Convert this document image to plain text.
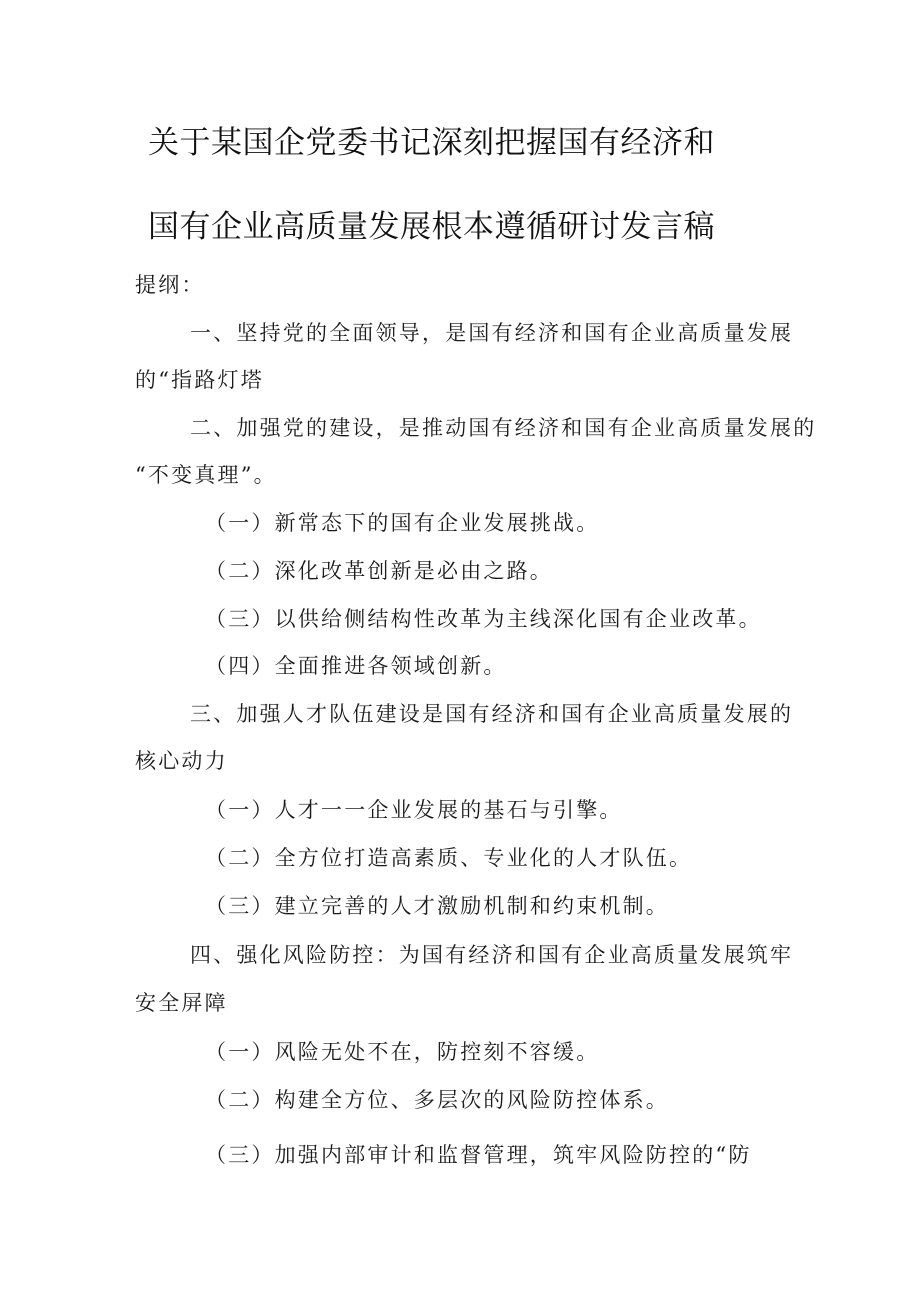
关于某国企党委书记深刻把握国有经济和
国有企业高质量发展根本遵循研讨发言稿
提纲：
一、坚持党的全面领导，是国有经济和国有企业高质量发展
的“指路灯塔
二、加强党的建设，是推动国有经济和国有企业高质量发展的
“不变真理”。
（一）新常态下的国有企业发展挑战。
（二）深化改革创新是必由之路。
（三）以供给侧结构性改革为主线深化国有企业改革。
（四）全面推进各领域创新。
三、加强人才队伍建设是国有经济和国有企业高质量发展的
核心动力
（一）人才一一企业发展的基石与引擎。
（二）全方位打造高素质、专业化的人才队伍。
（三）建立完善的人才激励机制和约束机制。
四、强化风险防控：为国有经济和国有企业高质量发展筑牢
安全屏障
（一）风险无处不在，防控刻不容缓。
（二）构建全方位、多层次的风险防控体系。
（三）加强内部审计和监督管理，筑牢风险防控的“防
